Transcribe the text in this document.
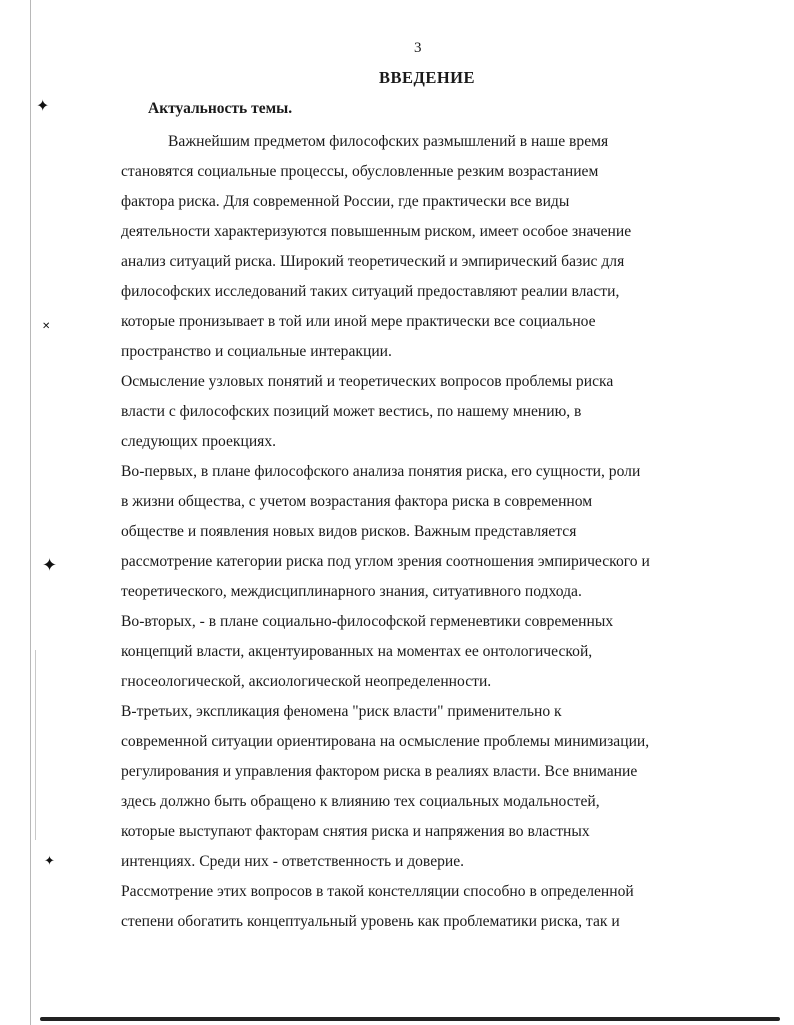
✦
✕
✦
✦
3
ВВЕДЕНИЕ
Актуальность темы.
Важнейшим предметом философских размышлений в наше время
становятся социальные процессы, обусловленные резким возрастанием
фактора риска. Для современной России, где практически все виды
деятельности характеризуются повышенным риском, имеет особое значение
анализ ситуаций риска. Широкий теоретический и эмпирический базис для
философских исследований таких ситуаций предоставляют реалии власти,
которые пронизывает в той или иной мере практически все социальное
пространство и социальные интеракции.
Осмысление узловых понятий и теоретических вопросов проблемы риска
власти с философских позиций может вестись, по нашему мнению, в
следующих проекциях.
Во-первых, в плане философского анализа понятия риска, его сущности, роли
в жизни общества, с учетом возрастания фактора риска в современном
обществе и появления новых видов рисков. Важным представляется
рассмотрение категории риска под углом зрения соотношения эмпирического и
теоретического, междисциплинарного знания, ситуативного подхода.
Во-вторых, - в плане социально-философской герменевтики современных
концепций власти, акцентуированных на моментах ее онтологической,
гносеологической, аксиологической неопределенности.
В-третьих, экспликация феномена "риск власти" применительно к
современной ситуации ориентирована на осмысление проблемы минимизации,
регулирования и управления фактором риска в реалиях власти. Все внимание
здесь должно быть обращено к влиянию тех социальных модальностей,
которые выступают факторам снятия риска и напряжения во властных
интенциях. Среди них - ответственность и доверие.
Рассмотрение этих вопросов в такой констелляции способно в определенной
степени обогатить концептуальный уровень как проблематики риска, так и
